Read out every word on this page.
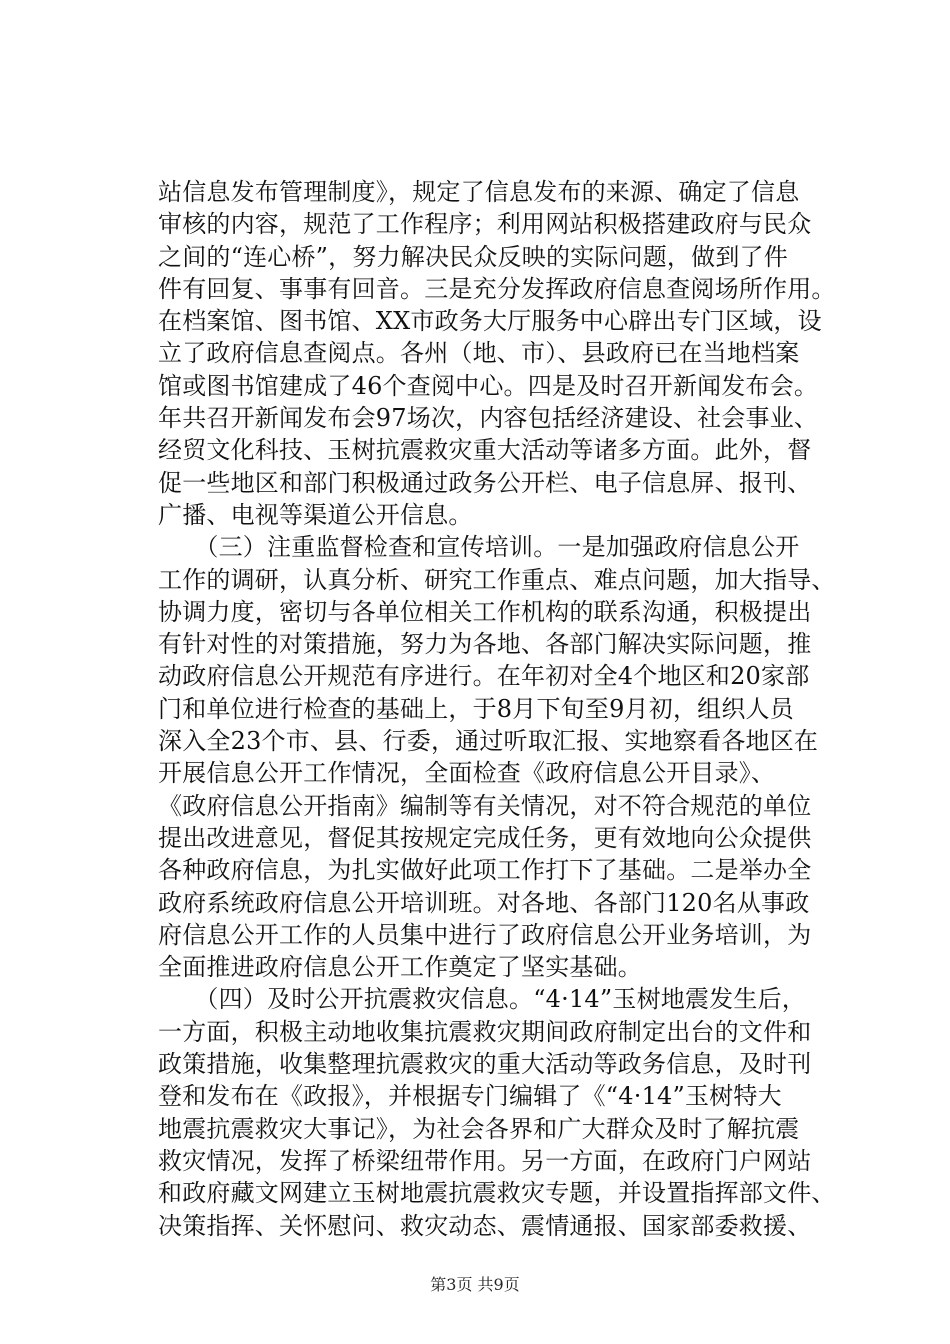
站信息发布管理制度》，规定了信息发布的来源、确定了信息
审核的内容，规范了工作程序；利用网站积极搭建政府与民众
之间的“连心桥”，努力解决民众反映的实际问题，做到了件
件有回复、事事有回音。三是充分发挥政府信息查阅场所作用。
在档案馆、图书馆、XX市政务大厅服务中心辟出专门区域，设
立了政府信息查阅点。各州（地、市）、县政府已在当地档案
馆或图书馆建成了46个查阅中心。四是及时召开新闻发布会。
年共召开新闻发布会97场次，内容包括经济建设、社会事业、
经贸文化科技、玉树抗震救灾重大活动等诸多方面。此外，督
促一些地区和部门积极通过政务公开栏、电子信息屏、报刊、
广播、电视等渠道公开信息。
　　（三）注重监督检查和宣传培训。一是加强政府信息公开
工作的调研，认真分析、研究工作重点、难点问题，加大指导、
协调力度，密切与各单位相关工作机构的联系沟通，积极提出
有针对性的对策措施，努力为各地、各部门解决实际问题，推
动政府信息公开规范有序进行。在年初对全4个地区和20家部
门和单位进行检查的基础上，于8月下旬至9月初，组织人员
深入全23个市、县、行委，通过听取汇报、实地察看各地区在
开展信息公开工作情况，全面检查《政府信息公开目录》、
《政府信息公开指南》编制等有关情况，对不符合规范的单位
提出改进意见，督促其按规定完成任务，更有效地向公众提供
各种政府信息，为扎实做好此项工作打下了基础。二是举办全
政府系统政府信息公开培训班。对各地、各部门120名从事政
府信息公开工作的人员集中进行了政府信息公开业务培训，为
全面推进政府信息公开工作奠定了坚实基础。
　　（四）及时公开抗震救灾信息。“4·14”玉树地震发生后，
一方面，积极主动地收集抗震救灾期间政府制定出台的文件和
政策措施，收集整理抗震救灾的重大活动等政务信息，及时刊
登和发布在《政报》，并根据专门编辑了《“4·14”玉树特大
地震抗震救灾大事记》，为社会各界和广大群众及时了解抗震
救灾情况，发挥了桥梁纽带作用。另一方面，在政府门户网站
和政府藏文网建立玉树地震抗震救灾专题，并设置指挥部文件、
决策指挥、关怀慰问、救灾动态、震情通报、国家部委救援、
第3页 共9页
